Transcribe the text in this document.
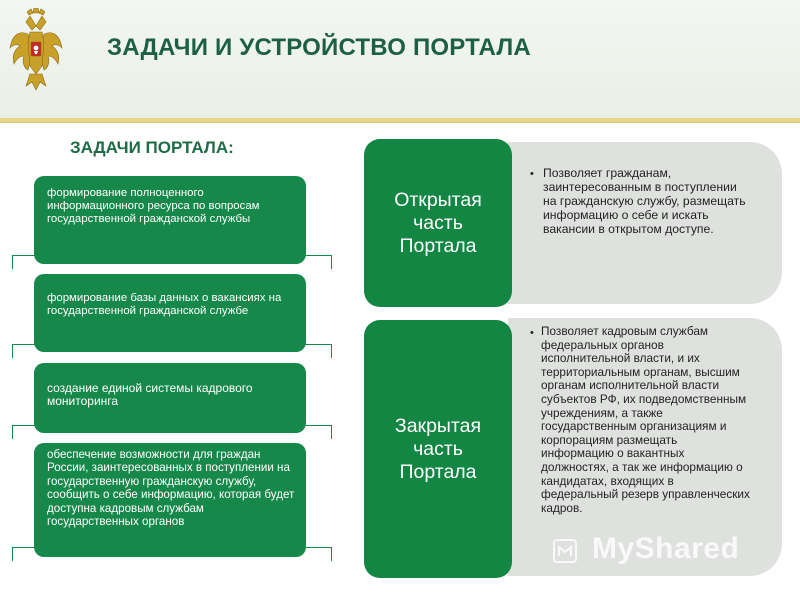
ЗАДАЧИ И УСТРОЙСТВО ПОРТАЛА
ЗАДАЧИ ПОРТАЛА:
формирование полноценного информационного ресурса по вопросам государственной гражданской службы
формирование базы данных о вакансиях на государственной гражданской службе
создание единой системы кадрового мониторинга
обеспечение возможности для граждан России, заинтересованных в поступлении на государственную гражданскую службу, сообщить о себе информацию, которая будет доступна кадровым службам государственных органов
• Позволяет гражданам, заинтересованным в поступлении на гражданскую службу, размещать информацию о себе и искать вакансии в открытом доступе.
Открытая часть Портала
• Позволяет кадровым службам федеральных органов исполнительной власти, и их территориальным органам, высшим органам исполнительной власти субъектов РФ, их подведомственным учреждениям, а также государственным организациям и корпорациям размещать информацию о вакантных должностях, а так же информацию о кандидатах, входящих в федеральный резерв управленческих кадров.
Закрытая часть Портала
MyShared
